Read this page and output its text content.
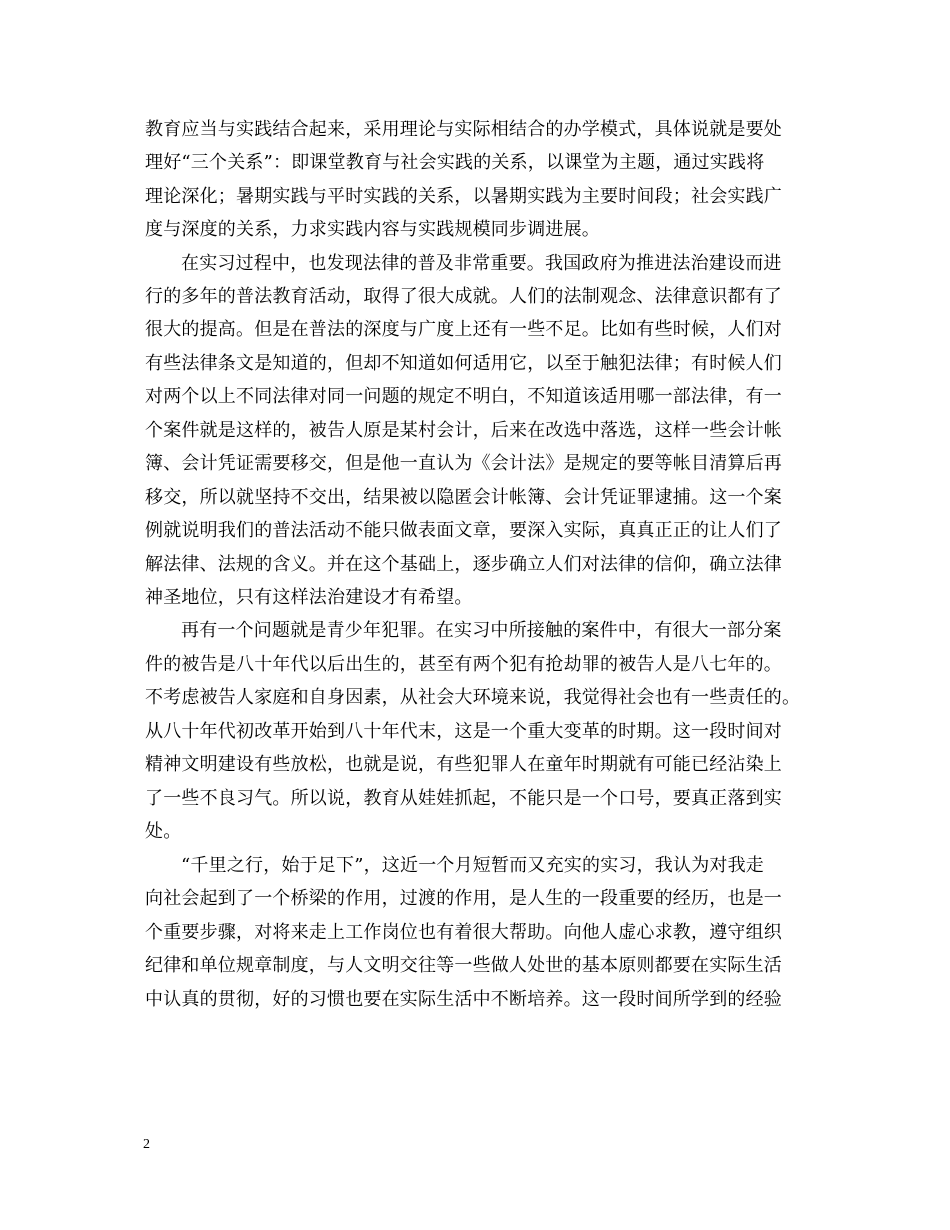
教育应当与实践结合起来，采用理论与实际相结合的办学模式，具体说就是要处
理好“三个关系”：即课堂教育与社会实践的关系，以课堂为主题，通过实践将
理论深化；暑期实践与平时实践的关系，以暑期实践为主要时间段；社会实践广
度与深度的关系，力求实践内容与实践规模同步调进展。
在实习过程中，也发现法律的普及非常重要。我国政府为推进法治建设而进
行的多年的普法教育活动，取得了很大成就。人们的法制观念、法律意识都有了
很大的提高。但是在普法的深度与广度上还有一些不足。比如有些时候，人们对
有些法律条文是知道的，但却不知道如何适用它，以至于触犯法律；有时候人们
对两个以上不同法律对同一问题的规定不明白，不知道该适用哪一部法律，有一
个案件就是这样的，被告人原是某村会计，后来在改选中落选，这样一些会计帐
簿、会计凭证需要移交，但是他一直认为《会计法》是规定的要等帐目清算后再
移交，所以就坚持不交出，结果被以隐匿会计帐簿、会计凭证罪逮捕。这一个案
例就说明我们的普法活动不能只做表面文章，要深入实际，真真正正的让人们了
解法律、法规的含义。并在这个基础上，逐步确立人们对法律的信仰，确立法律
神圣地位，只有这样法治建设才有希望。
再有一个问题就是青少年犯罪。在实习中所接触的案件中，有很大一部分案
件的被告是八十年代以后出生的，甚至有两个犯有抢劫罪的被告人是八七年的。
不考虑被告人家庭和自身因素，从社会大环境来说，我觉得社会也有一些责任的。
从八十年代初改革开始到八十年代末，这是一个重大变革的时期。这一段时间对
精神文明建设有些放松，也就是说，有些犯罪人在童年时期就有可能已经沾染上
了一些不良习气。所以说，教育从娃娃抓起，不能只是一个口号，要真正落到实
处。
“千里之行，始于足下”，这近一个月短暂而又充实的实习，我认为对我走
向社会起到了一个桥梁的作用，过渡的作用，是人生的一段重要的经历，也是一
个重要步骤，对将来走上工作岗位也有着很大帮助。向他人虚心求教，遵守组织
纪律和单位规章制度，与人文明交往等一些做人处世的基本原则都要在实际生活
中认真的贯彻，好的习惯也要在实际生活中不断培养。这一段时间所学到的经验
2
